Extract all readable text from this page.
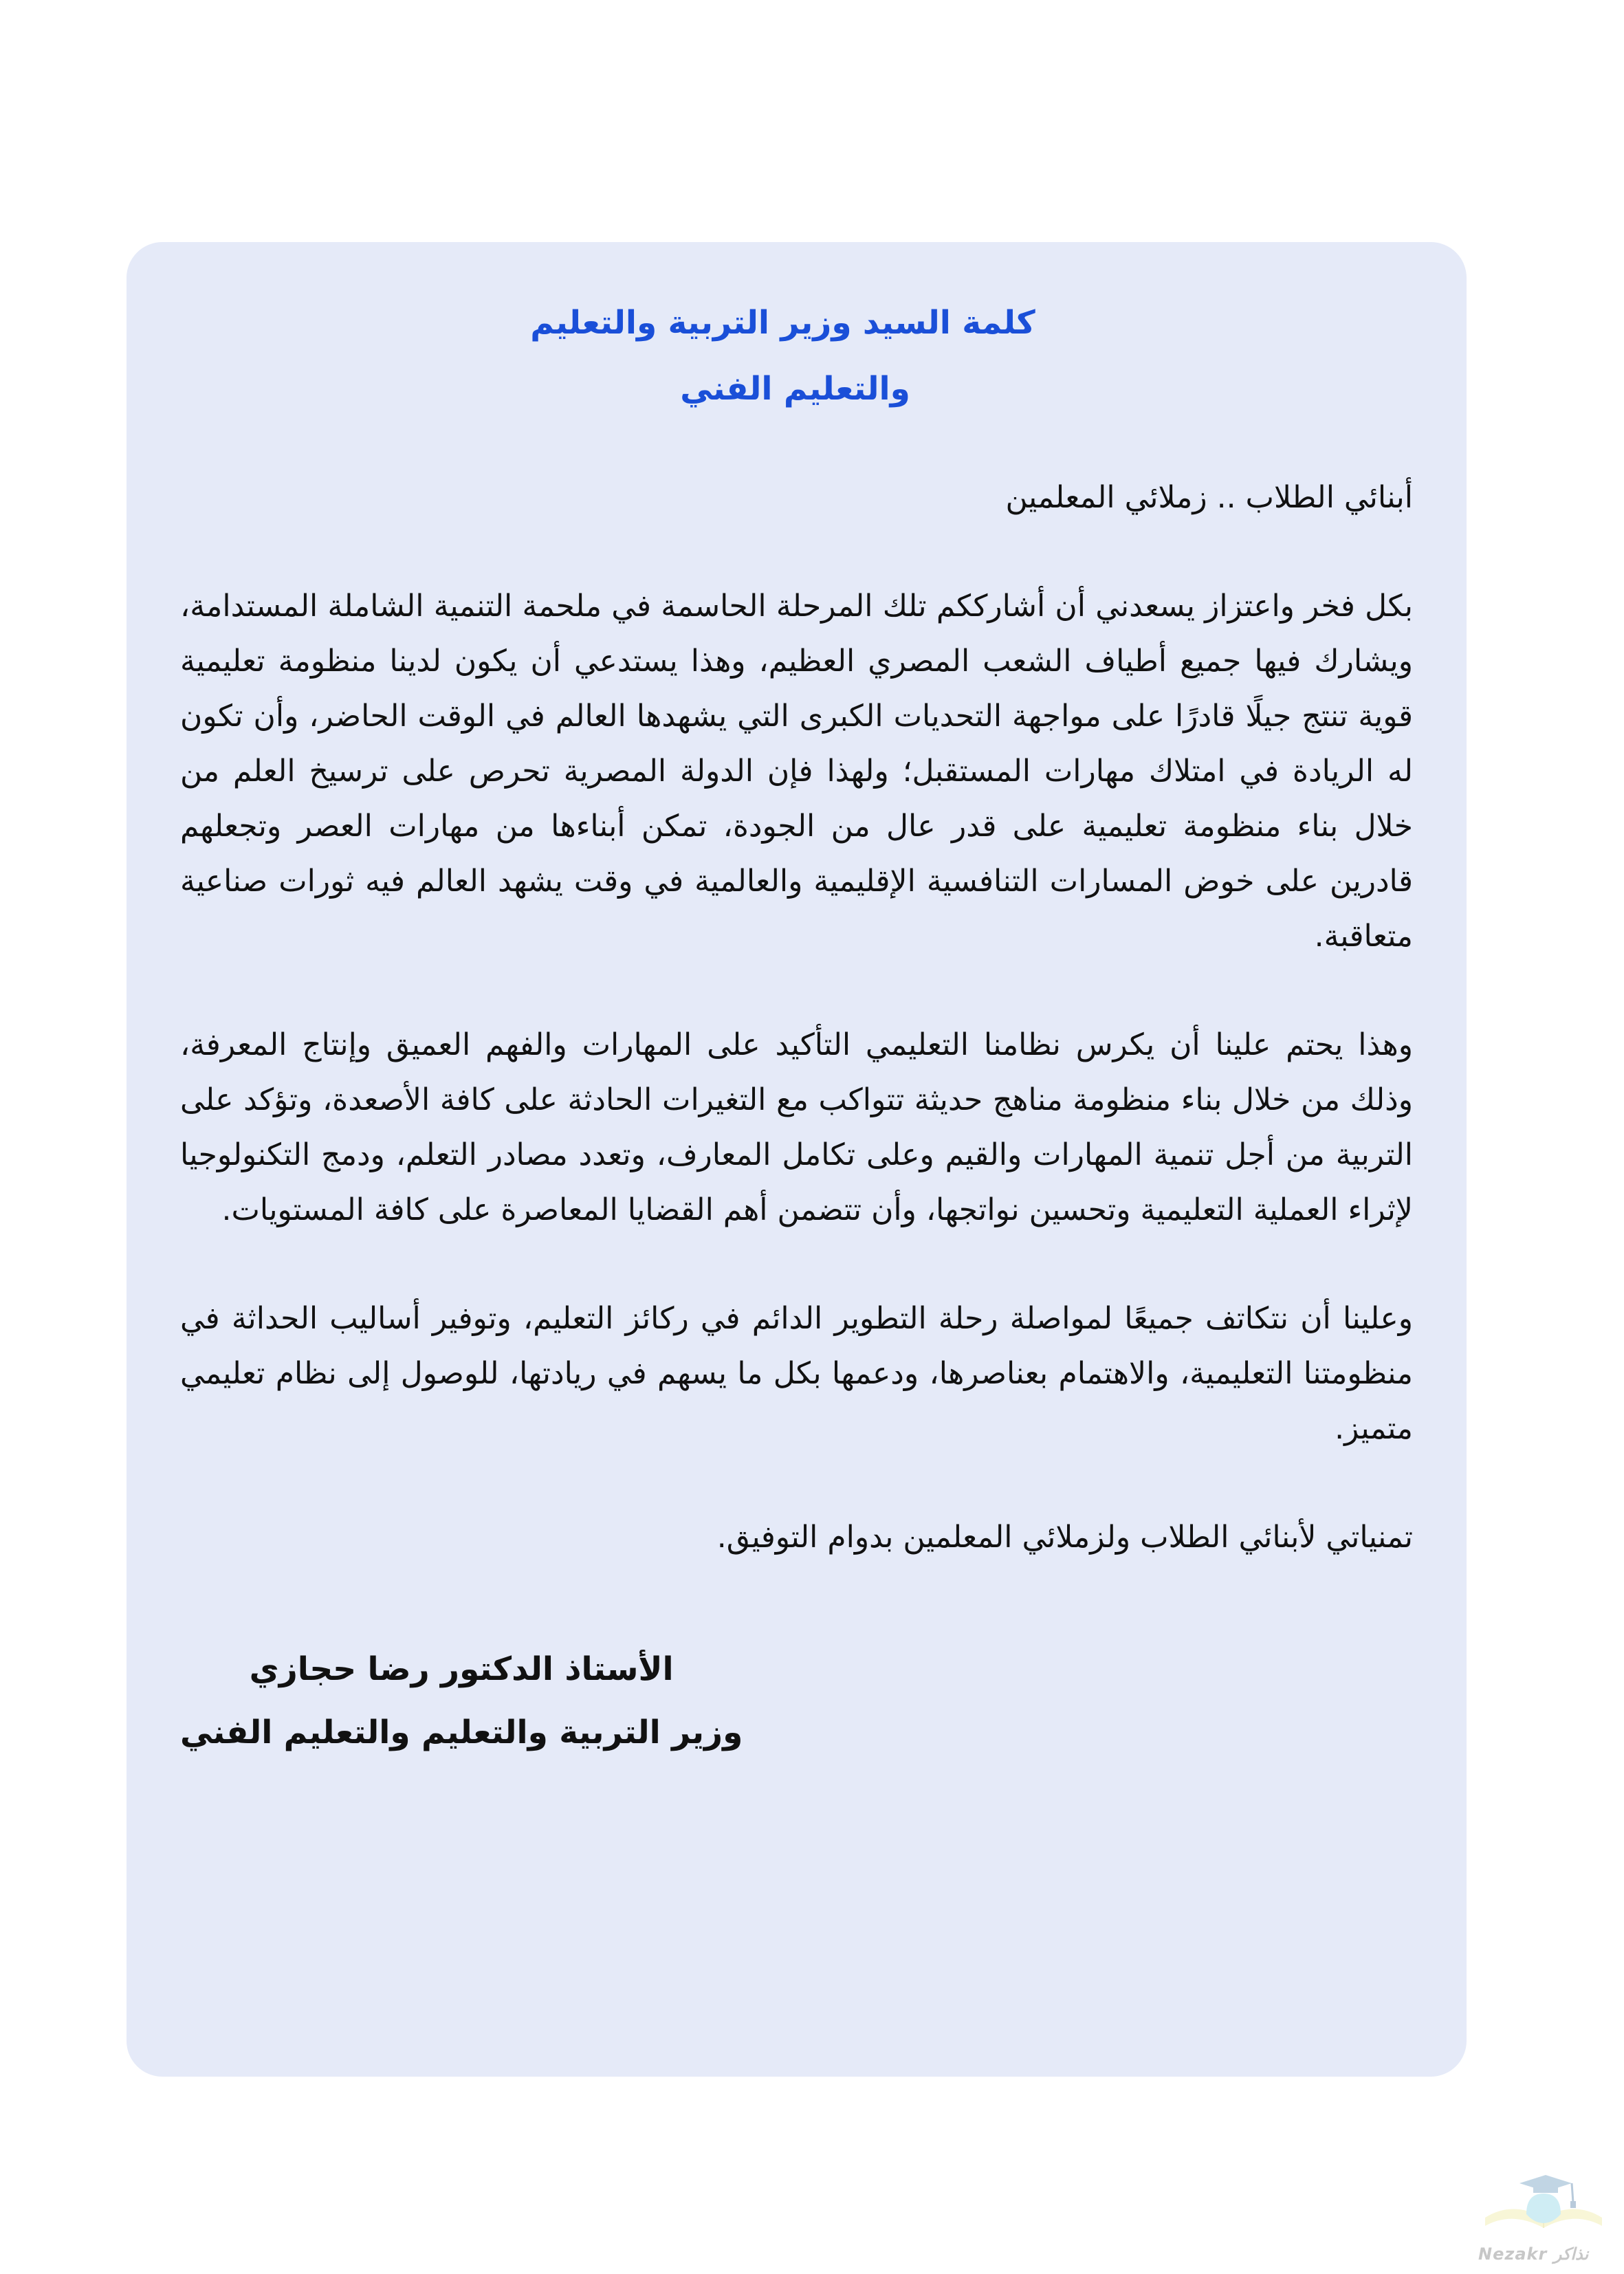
كلمة السيد وزير التربية والتعليم
والتعليم الفني
أبنائي الطلاب .. زملائي المعلمين

بكل فخر واعتزاز يسعدني أن أشارككم تلك المرحلة الحاسمة في ملحمة التنمية الشاملة المستدامة، ويشارك فيها جميع أطياف الشعب المصري العظيم، وهذا يستدعي أن يكون لدينا منظومة تعليمية قوية تنتج جيلًا قادرًا على مواجهة التحديات الكبرى التي يشهدها العالم في الوقت الحاضر، وأن تكون له الريادة في امتلاك مهارات المستقبل؛ ولهذا فإن الدولة المصرية تحرص على ترسيخ العلم من خلال بناء منظومة تعليمية على قدر عال من الجودة، تمكن أبناءها من مهارات العصر وتجعلهم قادرين على خوض المسارات التنافسية الإقليمية والعالمية في وقت يشهد العالم فيه ثورات صناعية متعاقبة.

وهذا يحتم علينا أن يكرس نظامنا التعليمي التأكيد على المهارات والفهم العميق وإنتاج المعرفة، وذلك من خلال بناء منظومة مناهج حديثة تتواكب مع التغيرات الحادثة على كافة الأصعدة، وتؤكد على التربية من أجل تنمية المهارات والقيم وعلى تكامل المعارف، وتعدد مصادر التعلم، ودمج التكنولوجيا لإثراء العملية التعليمية وتحسين نواتجها، وأن تتضمن أهم القضايا المعاصرة على كافة المستويات.

وعلينا أن نتكاتف جميعًا لمواصلة رحلة التطوير الدائم في ركائز التعليم، وتوفير أساليب الحداثة في منظومتنا التعليمية، والاهتمام بعناصرها، ودعمها بكل ما يسهم في ريادتها، للوصول إلى نظام تعليمي متميز.

تمنياتي لأبنائي الطلاب ولزملائي المعلمين بدوام التوفيق.
الأستاذ الدكتور رضا حجازي
وزير التربية والتعليم والتعليم الفني
Nezakr نذاكر
